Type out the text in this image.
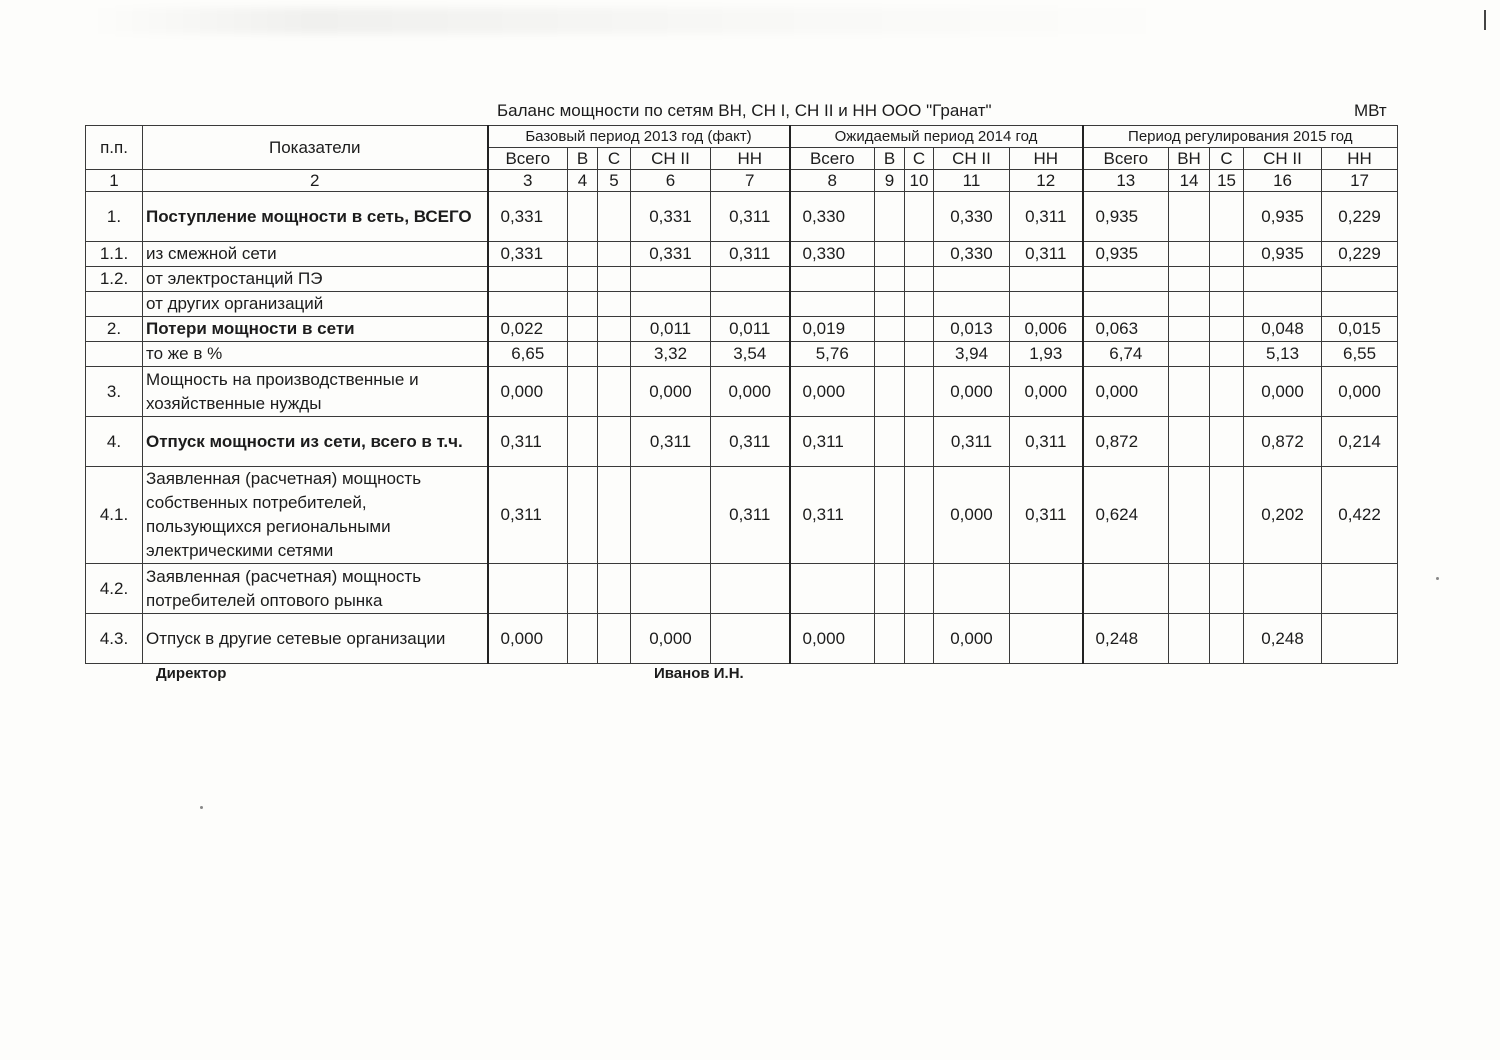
Баланс мощности по сетям ВН, СН I, СН II и НН ООО "Гранат"	МВт
п.п.	Показатели	Базовый период 2013 год (факт)					Ожидаемый период 2014 год					Период регулирования 2015 год				
		Всего	В	С	СН II	НН	Всего	В	С	СН II	НН	Всего	ВН	С	СН II	НН
1	2	3	4	5	6	7	8	9	10	11	12	13	14	15	16	17
1.	Поступление мощности в сеть, ВСЕГО	0,331			0,331	0,311	0,330			0,330	0,311	0,935			0,935	0,229
1.1.	из смежной сети	0,331			0,331	0,311	0,330			0,330	0,311	0,935			0,935	0,229
1.2.	от электростанций ПЭ															
	от других организаций															
2.	Потери мощности в сети	0,022			0,011	0,011	0,019			0,013	0,006	0,063			0,048	0,015
	то же в %	6,65			3,32	3,54	5,76			3,94	1,93	6,74			5,13	6,55
3.	Мощность на производственные и хозяйственные нужды	0,000			0,000	0,000	0,000			0,000	0,000	0,000			0,000	0,000
4.	Отпуск мощности из сети, всего в т.ч.	0,311			0,311	0,311	0,311			0,311	0,311	0,872			0,872	0,214
4.1.	Заявленная (расчетная) мощность собственных потребителей, пользующихся региональными электрическими сетями	0,311				0,311	0,311			0,000	0,311	0,624			0,202	0,422
4.2.	Заявленная (расчетная) мощность потребителей оптового рынка															
4.3.	Отпуск в другие сетевые организации	0,000			0,000		0,000			0,000		0,248			0,248	
Директор	Иванов И.Н.
